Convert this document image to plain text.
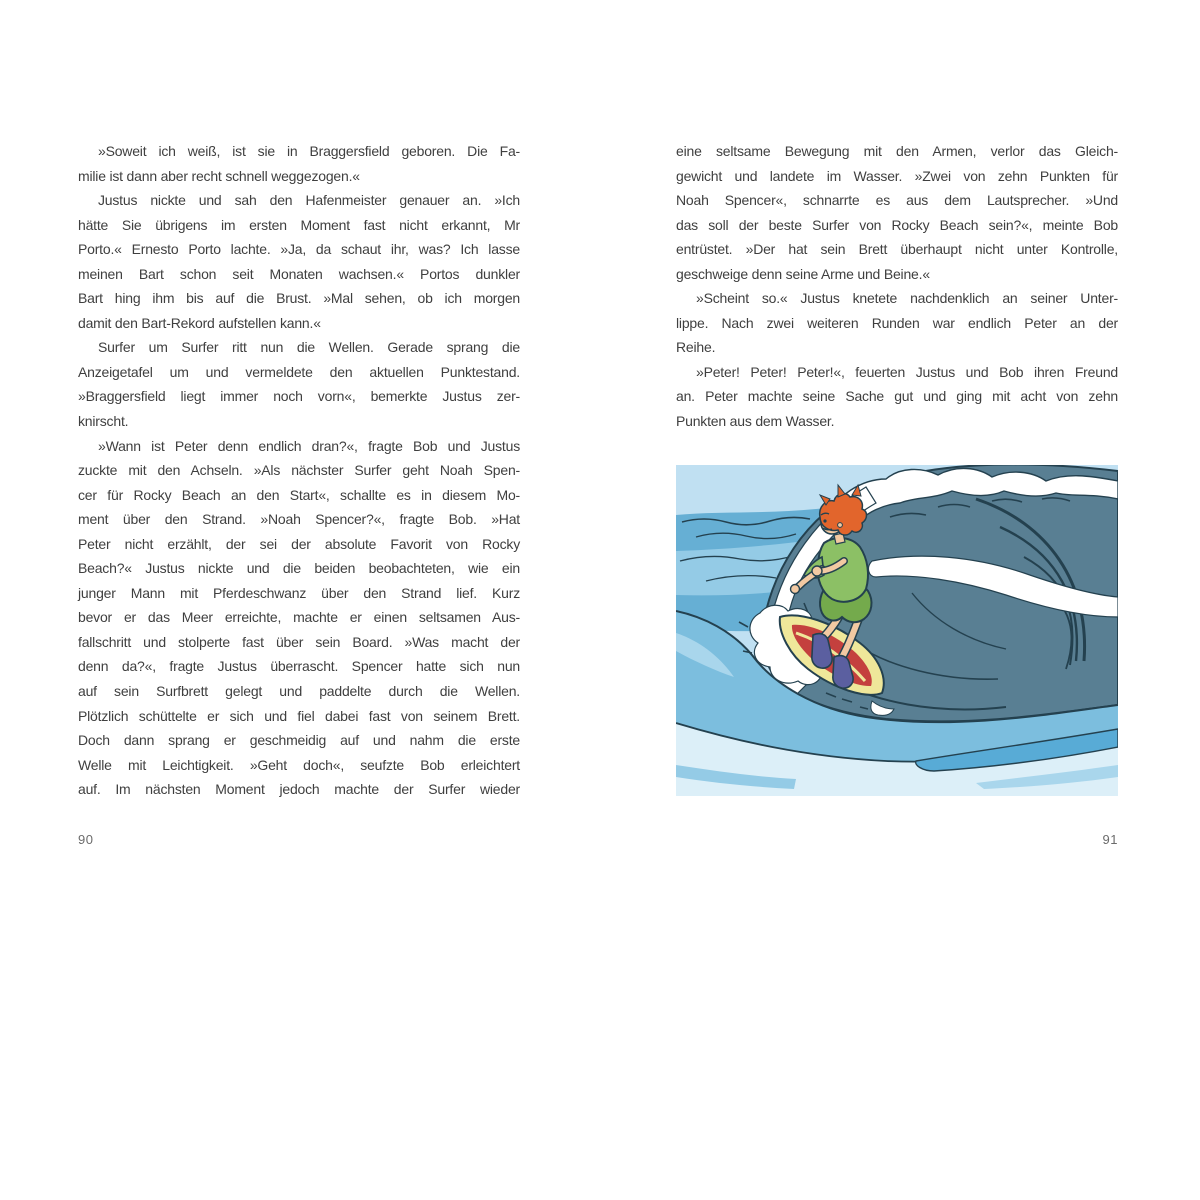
»Soweit ich weiß, ist sie in Braggersfield geboren. Die Fa-
milie ist dann aber recht schnell weggezogen.«
Justus nickte und sah den Hafenmeister genauer an. »Ich
hätte Sie übrigens im ersten Moment fast nicht erkannt, Mr
Porto.« Ernesto Porto lachte. »Ja, da schaut ihr, was? Ich lasse
meinen Bart schon seit Monaten wachsen.« Portos dunkler
Bart hing ihm bis auf die Brust. »Mal sehen, ob ich morgen
damit den Bart-Rekord aufstellen kann.«
Surfer um Surfer ritt nun die Wellen. Gerade sprang die
Anzeigetafel um und vermeldete den aktuellen Punktestand.
»Braggersfield liegt immer noch vorn«, bemerkte Justus zer-
knirscht.
»Wann ist Peter denn endlich dran?«, fragte Bob und Justus
zuckte mit den Achseln. »Als nächster Surfer geht Noah Spen-
cer für Rocky Beach an den Start«, schallte es in diesem Mo-
ment über den Strand. »Noah Spencer?«, fragte Bob. »Hat
Peter nicht erzählt, der sei der absolute Favorit von Rocky
Beach?« Justus nickte und die beiden beobachteten, wie ein
junger Mann mit Pferdeschwanz über den Strand lief. Kurz
bevor er das Meer erreichte, machte er einen seltsamen Aus-
fallschritt und stolperte fast über sein Board. »Was macht der
denn da?«, fragte Justus überrascht. Spencer hatte sich nun
auf sein Surfbrett gelegt und paddelte durch die Wellen.
Plötzlich schüttelte er sich und fiel dabei fast von seinem Brett.
Doch dann sprang er geschmeidig auf und nahm die erste
Welle mit Leichtigkeit. »Geht doch«, seufzte Bob erleichtert
auf. Im nächsten Moment jedoch machte der Surfer wieder
eine seltsame Bewegung mit den Armen, verlor das Gleich-
gewicht und landete im Wasser. »Zwei von zehn Punkten für
Noah Spencer«, schnarrte es aus dem Lautsprecher. »Und
das soll der beste Surfer von Rocky Beach sein?«, meinte Bob
entrüstet. »Der hat sein Brett überhaupt nicht unter Kontrolle,
geschweige denn seine Arme und Beine.«
»Scheint so.« Justus knetete nachdenklich an seiner Unter-
lippe. Nach zwei weiteren Runden war endlich Peter an der
Reihe.
»Peter! Peter! Peter!«, feuerten Justus und Bob ihren Freund
an. Peter machte seine Sache gut und ging mit acht von zehn
Punkten aus dem Wasser.
90	91
